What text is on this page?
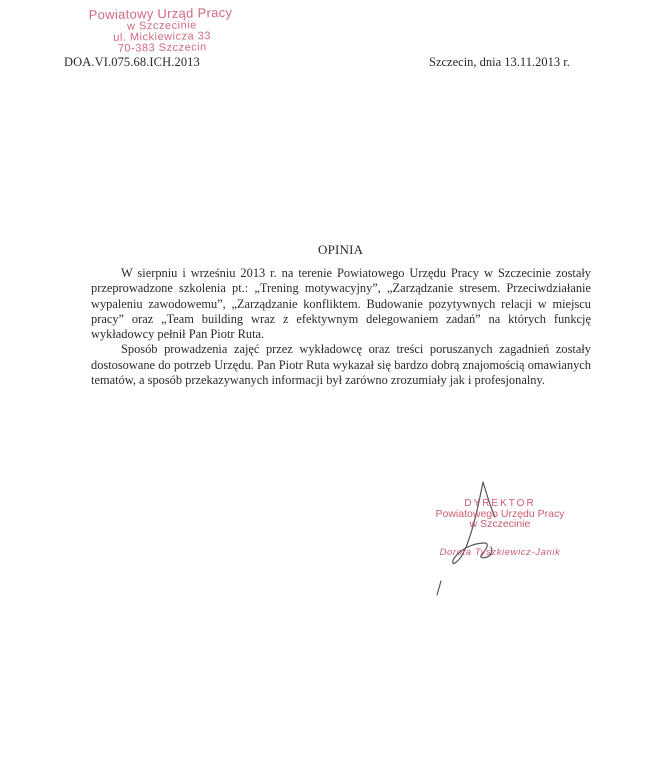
Powiatowy Urząd Pracy
w Szczecinie
ul. Mickiewicza 33
70-383 Szczecin
DOA.VI.075.68.ICH.2013	Szczecin, dnia 13.11.2013 r.
OPINIA

W sierpniu i wrześniu 2013 r. na terenie Powiatowego Urzędu Pracy w Szczecinie zostały przeprowadzone szkolenia pt.: „Trening motywacyjny”, „Zarządzanie stresem. Przeciwdziałanie wypaleniu zawodowemu”, „Zarządzanie konfliktem. Budowanie pozytywnych relacji w miejscu pracy” oraz „Team building wraz z efektywnym delegowaniem zadań” na których funkcję wykładowcy pełnił Pan Piotr Ruta.

Sposób prowadzenia zajęć przez wykładowcę oraz treści poruszanych zagadnień zostały dostosowane do potrzeb Urzędu. Pan Piotr Ruta wykazał się bardzo dobrą znajomością omawianych tematów, a sposób przekazywanych informacji był zarówno zrozumiały jak i profesjonalny.

DYREKTOR
Powiatowego Urzędu Pracy
w Szczecinie
Dorota Tyszkiewicz-Janik
